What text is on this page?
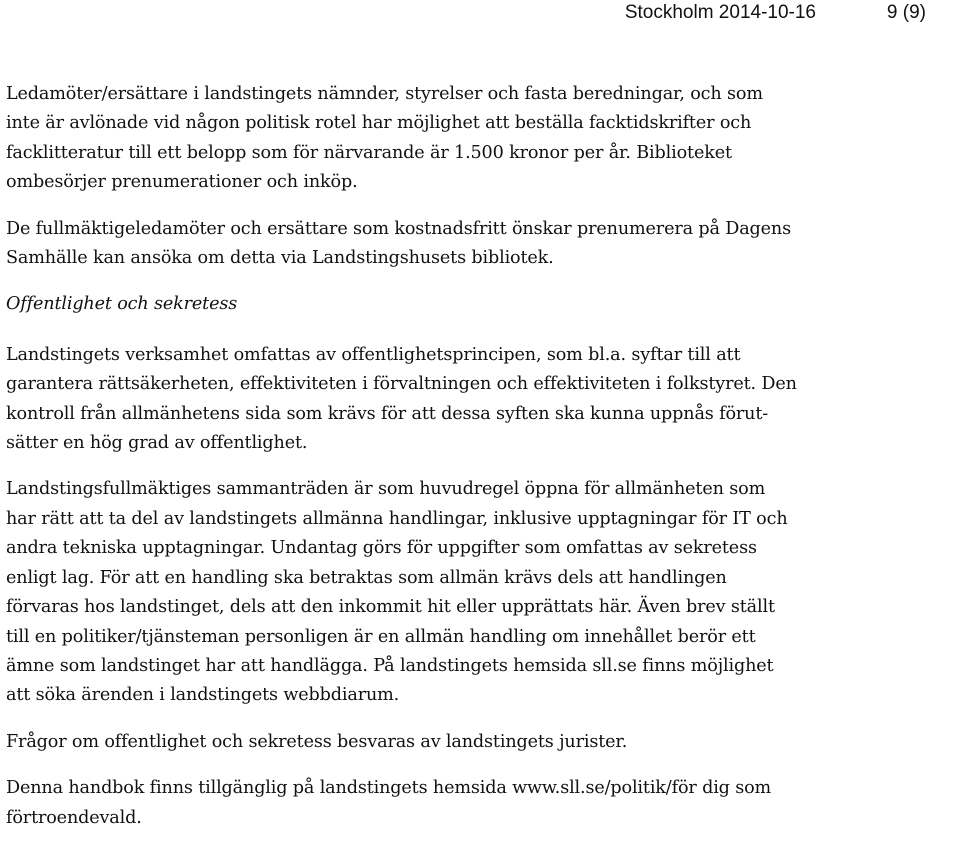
Stockholm 2014-10-16	9 (9)

Ledamöter/ersättare i landstingets nämnder, styrelser och fasta beredningar, och som
inte är avlönade vid någon politisk rotel har möjlighet att beställa facktidskrifter och
facklitteratur till ett belopp som för närvarande är 1.500 kronor per år. Biblioteket
ombesörjer prenumerationer och inköp.

De fullmäktigeledamöter och ersättare som kostnadsfritt önskar prenumerera på Dagens
Samhälle kan ansöka om detta via Landstingshusets bibliotek.

Offentlighet och sekretess

Landstingets verksamhet omfattas av offentlighetsprincipen, som bl.a. syftar till att
garantera rättsäkerheten, effektiviteten i förvaltningen och effektiviteten i folkstyret. Den
kontroll från allmänhetens sida som krävs för att dessa syften ska kunna uppnås förut-
sätter en hög grad av offentlighet.

Landstingsfullmäktiges sammanträden är som huvudregel öppna för allmänheten som
har rätt att ta del av landstingets allmänna handlingar, inklusive upptagningar för IT och
andra tekniska upptagningar. Undantag görs för uppgifter som omfattas av sekretess
enligt lag. För att en handling ska betraktas som allmän krävs dels att handlingen
förvaras hos landstinget, dels att den inkommit hit eller upprättats här. Även brev ställt
till en politiker/tjänsteman personligen är en allmän handling om innehållet berör ett
ämne som landstinget har att handlägga. På landstingets hemsida sll.se finns möjlighet
att söka ärenden i landstingets webbdiarum.

Frågor om offentlighet och sekretess besvaras av landstingets jurister.

Denna handbok finns tillgänglig på landstingets hemsida www.sll.se/politik/för dig som
förtroendevald.
